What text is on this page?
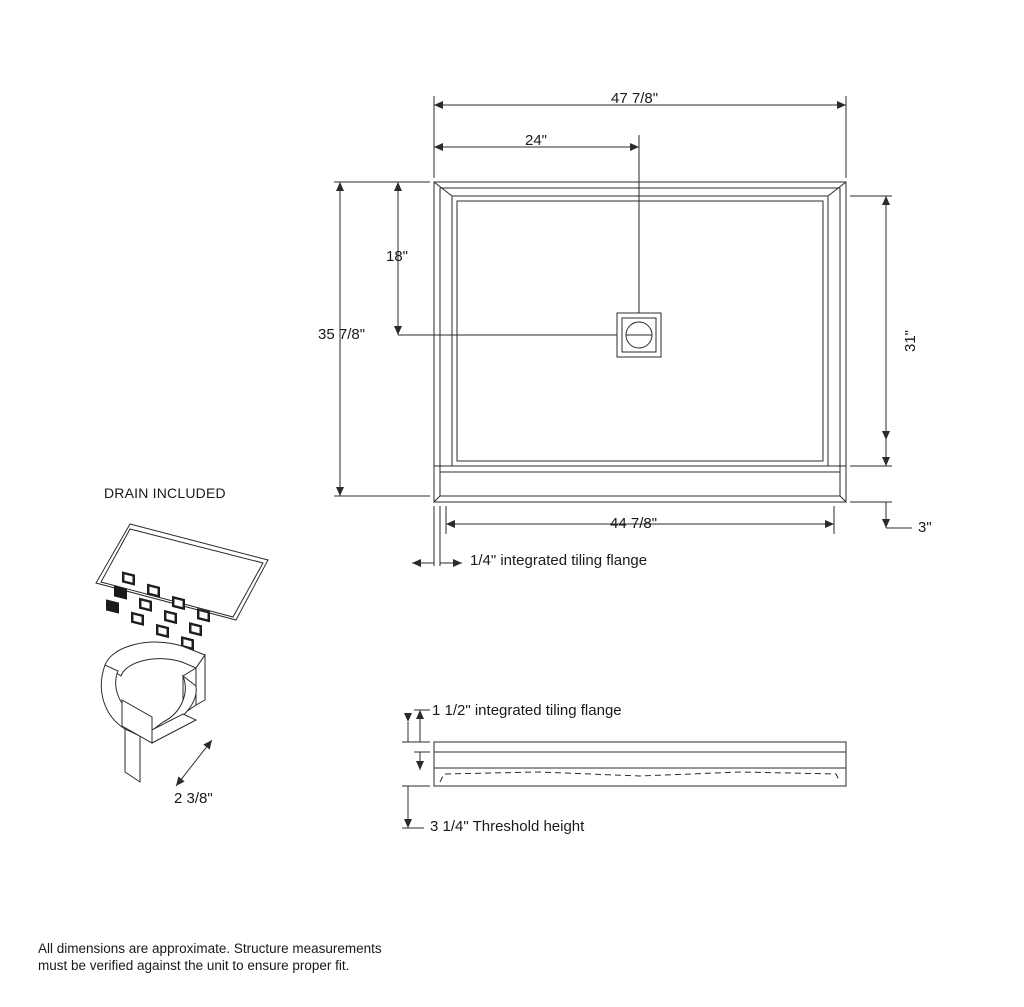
47 7/8"
24"
18"
35 7/8"	31"
44 7/8"	3"
1/4" integrated tiling flange
1 1/2" integrated tiling flange
3 1/4" Threshold height
DRAIN INCLUDED
2 3/8"
All dimensions are approximate. Structure measurements
must be verified against the unit to ensure proper fit.
